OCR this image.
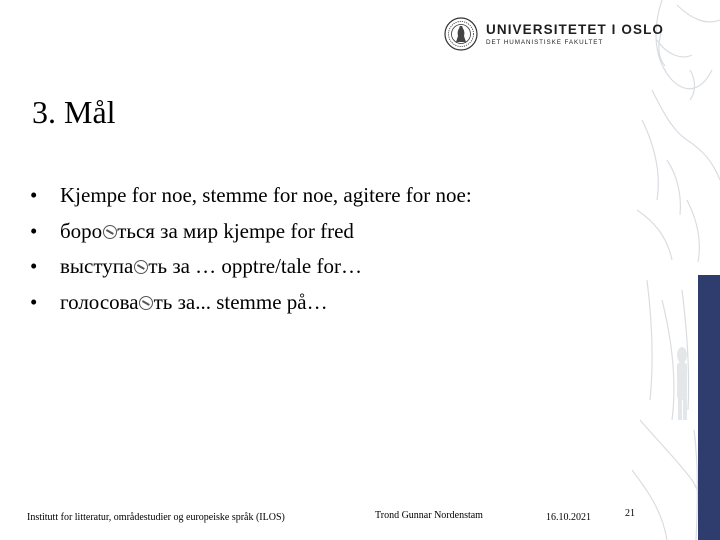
UNIVERSITETET I OSLO
DET HUMANISTISKE FAKULTET
3. Mål
• Kjempe for noe, stemme for noe, agitere for noe:
• боро ться за мир kjempe for fred
• выступа ть за … opptre/tale for…
• голосова ть за... stemme på…
Institutt for litteratur, områdestudier og europeiske språk (ILOS)	Trond Gunnar Nordenstam	16.10.2021	21
